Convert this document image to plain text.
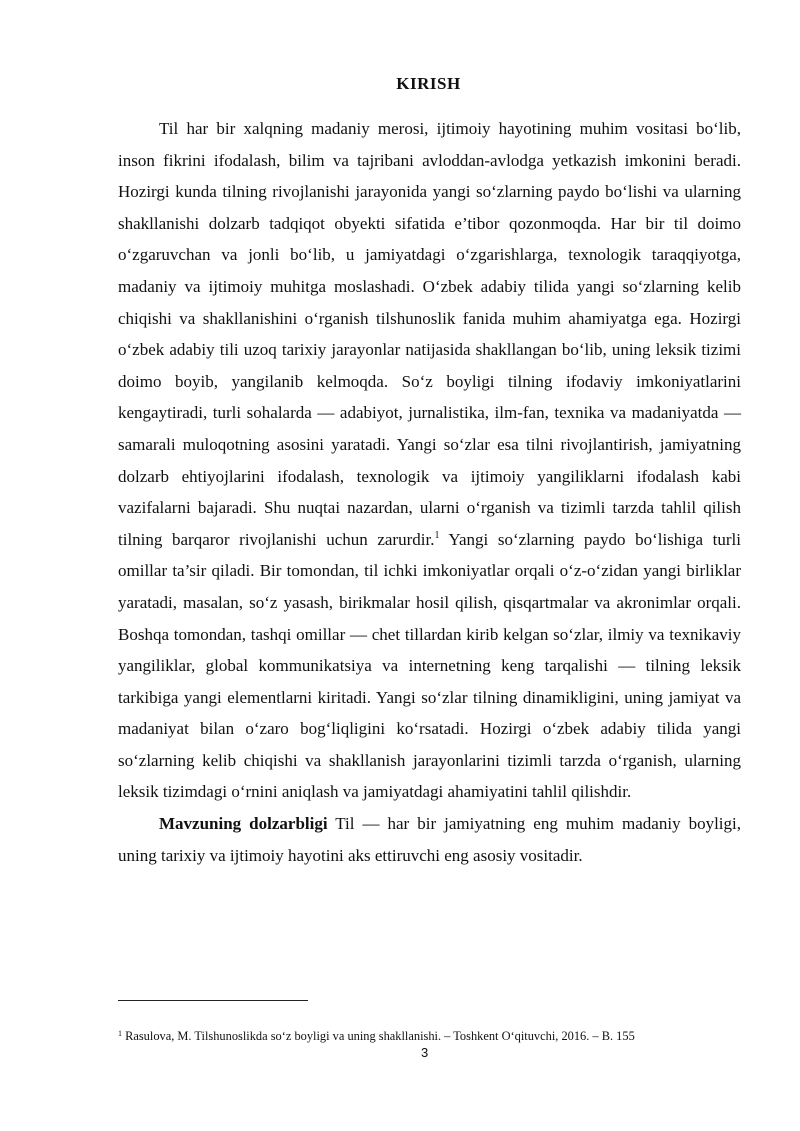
KIRISH

Til har bir xalqning madaniy merosi, ijtimoiy hayotining muhim vositasi bo‘lib, inson fikrini ifodalash, bilim va tajribani avloddan-avlodga yetkazish imkonini beradi. Hozirgi kunda tilning rivojlanishi jarayonida yangi so‘zlarning paydo bo‘lishi va ularning shakllanishi dolzarb tadqiqot obyekti sifatida e’tibor qozonmoqda. Har bir til doimo o‘zgaruvchan va jonli bo‘lib, u jamiyatdagi o‘zgarishlarga, texnologik taraqqiyotga, madaniy va ijtimoiy muhitga moslashadi. O‘zbek adabiy tilida yangi so‘zlarning kelib chiqishi va shakllanishini o‘rganish tilshunoslik fanida muhim ahamiyatga ega. Hozirgi o‘zbek adabiy tili uzoq tarixiy jarayonlar natijasida shakllangan bo‘lib, uning leksik tizimi doimo boyib, yangilanib kelmoqda. So‘z boyligi tilning ifodaviy imkoniyatlarini kengaytiradi, turli sohalarda — adabiyot, jurnalistika, ilm-fan, texnika va madaniyatda — samarali muloqotning asosini yaratadi. Yangi so‘zlar esa tilni rivojlantirish, jamiyatning dolzarb ehtiyojlarini ifodalash, texnologik va ijtimoiy yangiliklarni ifodalash kabi vazifalarni bajaradi. Shu nuqtai nazardan, ularni o‘rganish va tizimli tarzda tahlil qilish tilning barqaror rivojlanishi uchun zarurdir.$^1$ Yangi so‘zlarning paydo bo‘lishiga turli omillar ta’sir qiladi. Bir tomondan, til ichki imkoniyatlar orqali o‘z-o‘zidan yangi birliklar yaratadi, masalan, so‘z yasash, birikmalar hosil qilish, qisqartmalar va akronimlar orqali. Boshqa tomondan, tashqi omillar — chet tillardan kirib kelgan so‘zlar, ilmiy va texnikaviy yangiliklar, global kommunikatsiya va internetning keng tarqalishi — tilning leksik tarkibiga yangi elementlarni kiritadi. Yangi so‘zlar tilning dinamikligini, uning jamiyat va madaniyat bilan o‘zaro bog‘liqligini ko‘rsatadi. Hozirgi o‘zbek adabiy tilida yangi so‘zlarning kelib chiqishi va shakllanish jarayonlarini tizimli tarzda o‘rganish, ularning leksik tizimdagi o‘rnini aniqlash va jamiyatdagi ahamiyatini tahlil qilishdir.

Mavzuning dolzarbligi Til — har bir jamiyatning eng muhim madaniy boyligi, uning tarixiy va ijtimoiy hayotini aks ettiruvchi eng asosiy vositadir.

$^1$ Rasulova, M. Tilshunoslikda so‘z boyligi va uning shakllanishi. – Toshkent O‘qituvchi, 2016. – B. 155
3
